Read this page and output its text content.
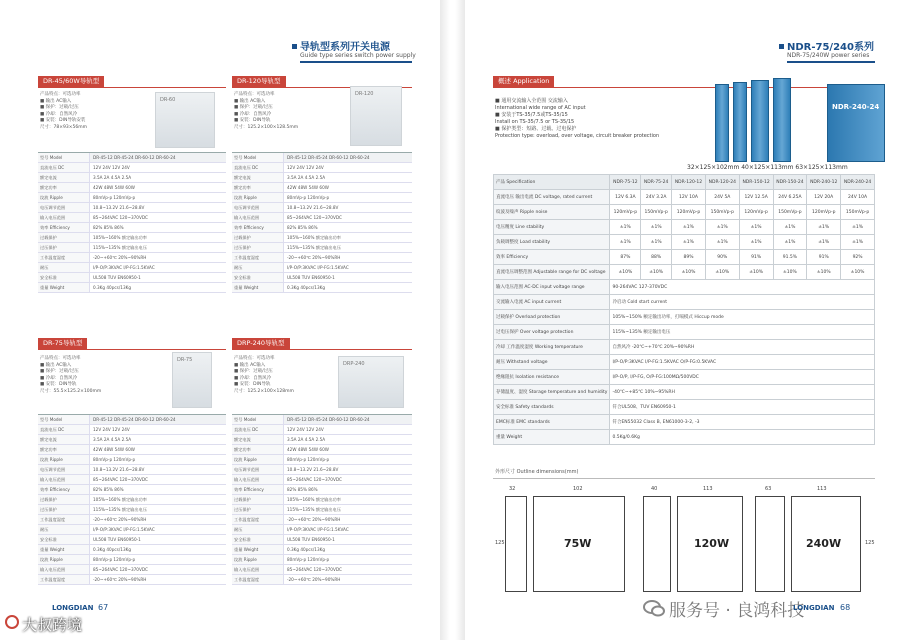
导轨型系列开关电源
Guide type series switch power supply
DR-45/60W导轨型
产品特点：可选功率
■ 输出 AC输入
■ 保护：过载/过压
■ 冷却：自然风冷
■ 安装：DIN导轨安装
尺寸：78×93×56mm
DR-60
型号 Model	DR-45-12 DR-45-24 DR-60-12 DR-60-24
直流电压 DC	12V 24V 12V 24V
额定电流	3.5A 2A 4.5A 2.5A
额定功率	42W 48W 54W 60W
纹波 Ripple	80mVp-p 120mVp-p
电压调节范围	10.8~13.2V 21.6~28.8V
输入电压范围	85~264VAC 120~370VDC
效率 Efficiency	82% 85% 86%
过载保护	105%~160% 额定输出功率
过压保护	115%~135% 额定输出电压
工作温度湿度	-20~+60℃ 20%~90%RH
耐压	I/P-O/P:3KVAC I/P-FG:1.5KVAC
安全标准	UL508 TUV EN60950-1
重量 Weight	0.3Kg 40pcs/13Kg
DR-120导轨型
产品特点：可选功率
■ 输出 AC输入
■ 保护：过载/过压
■ 冷却：自然风冷
■ 安装：DIN导轨
尺寸：125.2×100×128.5mm
DR-120
型号 Model	DR-45-12 DR-45-24 DR-60-12 DR-60-24
直流电压 DC	12V 24V 12V 24V
额定电流	3.5A 2A 4.5A 2.5A
额定功率	42W 48W 54W 60W
纹波 Ripple	80mVp-p 120mVp-p
电压调节范围	10.8~13.2V 21.6~28.8V
输入电压范围	85~264VAC 120~370VDC
效率 Efficiency	82% 85% 86%
过载保护	105%~160% 额定输出功率
过压保护	115%~135% 额定输出电压
工作温度湿度	-20~+60℃ 20%~90%RH
耐压	I/P-O/P:3KVAC I/P-FG:1.5KVAC
安全标准	UL508 TUV EN60950-1
重量 Weight	0.3Kg 40pcs/13Kg
DR-75导轨型
产品特点：可选功率
■ 输出 AC输入
■ 保护：过载/过压
■ 冷却：自然风冷
■ 安装：DIN导轨
尺寸：55.5×125.2×100mm
DR-75
型号 Model	DR-45-12 DR-45-24 DR-60-12 DR-60-24
直流电压 DC	12V 24V 12V 24V
额定电流	3.5A 2A 4.5A 2.5A
额定功率	42W 48W 54W 60W
纹波 Ripple	80mVp-p 120mVp-p
电压调节范围	10.8~13.2V 21.6~28.8V
输入电压范围	85~264VAC 120~370VDC
效率 Efficiency	82% 85% 86%
过载保护	105%~160% 额定输出功率
过压保护	115%~135% 额定输出电压
工作温度湿度	-20~+60℃ 20%~90%RH
耐压	I/P-O/P:3KVAC I/P-FG:1.5KVAC
安全标准	UL508 TUV EN60950-1
重量 Weight	0.3Kg 40pcs/13Kg
纹波 Ripple	80mVp-p 120mVp-p
输入电压范围	85~264VAC 120~370VDC
工作温度湿度	-20~+60℃ 20%~90%RH
DRP-240导轨型
产品特点：可选功率
■ 输出 AC输入
■ 保护：过载/过压
■ 冷却：自然风冷
■ 安装：DIN导轨
尺寸：125.2×100×128mm
DRP-240
型号 Model	DR-45-12 DR-45-24 DR-60-12 DR-60-24
直流电压 DC	12V 24V 12V 24V
额定电流	3.5A 2A 4.5A 2.5A
额定功率	42W 48W 54W 60W
纹波 Ripple	80mVp-p 120mVp-p
电压调节范围	10.8~13.2V 21.6~28.8V
输入电压范围	85~264VAC 120~370VDC
效率 Efficiency	82% 85% 86%
过载保护	105%~160% 额定输出功率
过压保护	115%~135% 额定输出电压
工作温度湿度	-20~+60℃ 20%~90%RH
耐压	I/P-O/P:3KVAC I/P-FG:1.5KVAC
安全标准	UL508 TUV EN60950-1
重量 Weight	0.3Kg 40pcs/13Kg
纹波 Ripple	80mVp-p 120mVp-p
输入电压范围	85~264VAC 120~370VDC
工作温度湿度	-20~+60℃ 20%~90%RH
LONGDIAN 67
大叔跨境
NDR-75/240系列
NDR-75/240W power series
概述 Application
■ 通用交流输入全范围 交流输入
International wide range of AC input
■ 安装于TS-35/7.5或TS-35/15
Install on TS-35/7.5 or TS-35/15
■ 保护类型：短路、过载、过电保护
Protection type: overload, over voltage, circuit breaker protection
NDR-240-24
32×125×102mm 40×125×113mm 63×125×113mm
产品 Specification	NDR-75-12	NDR-75-24	NDR-120-12	NDR-120-24	NDR-150-12	NDR-150-24	NDR-240-12	NDR-240-24
直流电压 输出电流 DC voltage, rated current	12V 6.3A	24V 3.2A	12V 10A	24V 5A	12V 12.5A	24V 6.25A	12V 20A	24V 10A
纹波及噪声 Ripple noise	120mVp-p	150mVp-p	120mVp-p	150mVp-p	120mVp-p	150mVp-p	120mVp-p	150mVp-p
电压精度 Line stability	±1%	±1%	±1%	±1%	±1%	±1%	±1%	±1%
负载调整度 Load stability	±1%	±1%	±1%	±1%	±1%	±1%	±1%	±1%
效率 Efficiency	87%	88%	89%	90%	91%	91.5%	91%	92%
直流电压调整范围 Adjustable range for DC voltage	±10%	±10%	±10%	±10%	±10%	±10%	±10%	±10%
输入电压范围 AC-DC input voltage range	90-264VAC 127-370VDC							
交流输入电流 AC input current	冷启动 Cold start current							
过载保护 Overload protection	105%~150% 额定输出功率，打嗝模式 Hiccup mode							
过电压保护 Over voltage protection	115%~135% 额定输出电压							
冷却 工作温度湿度 Working temperature	自然风冷 -20℃~+70℃ 20%~90%RH							
耐压 Withstand voltage	I/P-O/P:3KVAC I/P-FG:1.5KVAC O/P-FG:0.5KVAC							
绝缘阻抗 Isolation resistance	I/P-O/P, I/P-FG, O/P-FG:100MΩ/500VDC							
存储温度、湿度 Storage temperature and humidity	-40℃~+85℃ 10%~95%RH							
安全标准 Safety standards	符合UL508、TUV EN60950-1							
EMC标准 EMC standards	符合EN55032 Class B, EN61000-3-2, -3							
重量 Weight	0.5Kg/0.6Kg							
外形尺寸 Outline dimensions(mm)
32
125	75W
102	40
120W
113	63
240W
113
125
服务号 · 良鸿科技
LONGDIAN 68
